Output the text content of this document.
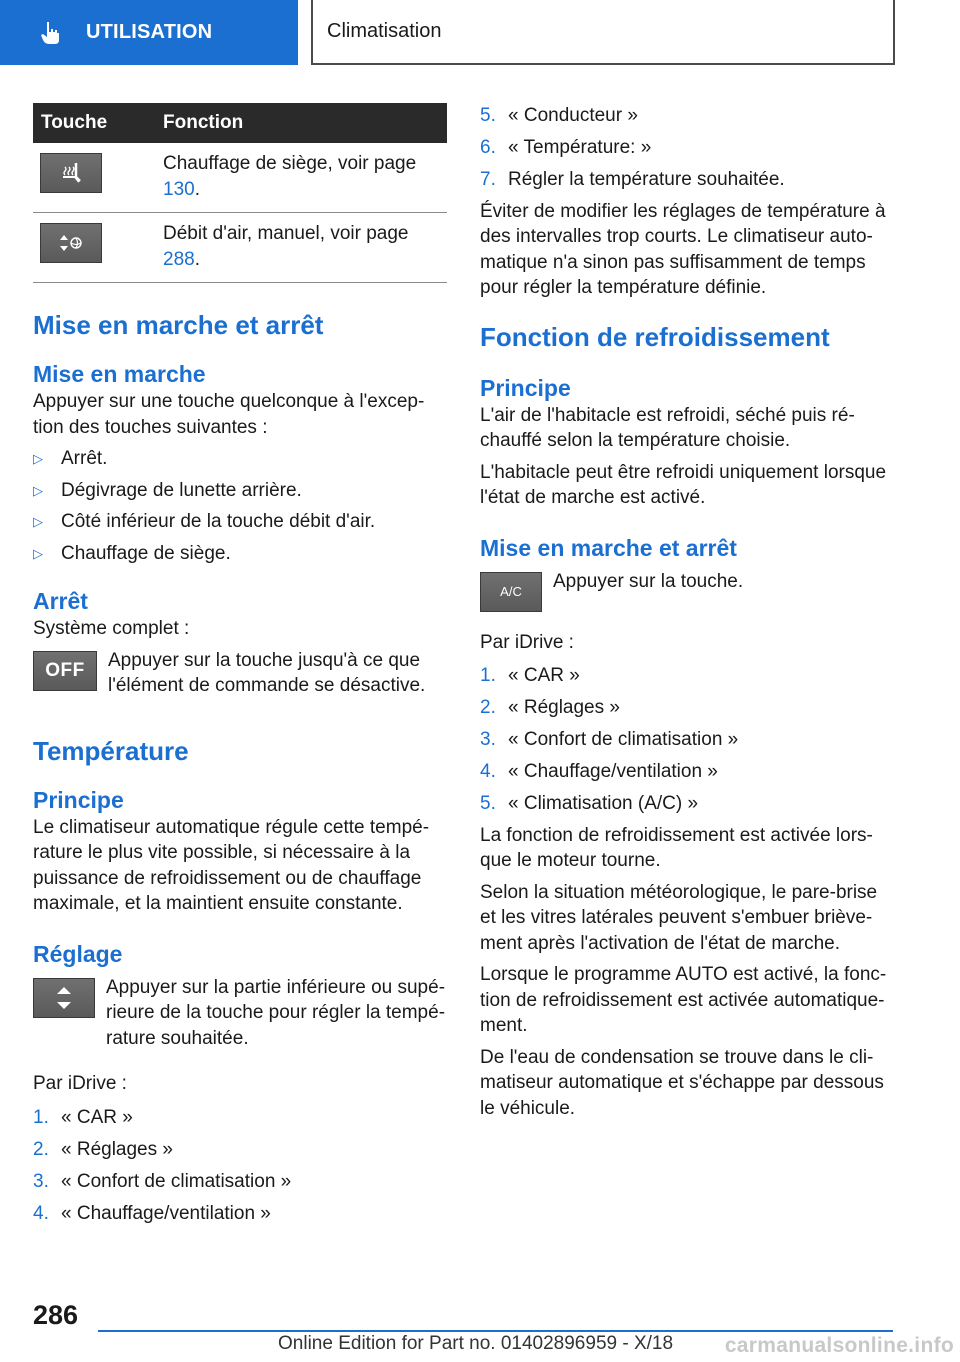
UTILISATION	Climatisation
Touche	Fonction

	Chauffage de siège, voir page 130.

	Débit d'air, manuel, voir page 288.
Mise en marche et arrêt
Mise en marche

Appuyer sur une touche quelconque à l'excep-tion des touches suivantes :

▷ Arrêt.
▷ Dégivrage de lunette arrière.
▷ Côté inférieur de la touche débit d'air.
▷ Chauffage de siège.
Arrêt

Système complet :

OFF	Appuyer sur la touche jusqu'à ce que l'élément de commande se désactive.

Température
Principe

Le climatiseur automatique régule cette tempé-rature le plus vite possible, si nécessaire à la puissance de refroidissement ou de chauffage maximale, et la maintient ensuite constante.

Réglage

Appuyer sur la partie inférieure ou supé-rieure de la touche pour régler la tempé-rature souhaitée.

Par iDrive :

1. « CAR »
2. « Réglages »
3. « Confort de climatisation »
4. « Chauffage/ventilation »
5. « Conducteur »
6. « Température: »
7. Régler la température souhaitée.

Éviter de modifier les réglages de température à des intervalles trop courts. Le climatiseur auto-matique n'a sinon pas suffisamment de temps pour régler la température définie.

Fonction de refroidissement
Principe

L'air de l'habitacle est refroidi, séché puis ré-chauffé selon la température choisie.

L'habitacle peut être refroidi uniquement lorsque l'état de marche est activé.

Mise en marche et arrêt
A/C	Appuyer sur la touche.

Par iDrive :

1. « CAR »
2. « Réglages »
3. « Confort de climatisation »
4. « Chauffage/ventilation »
5. « Climatisation (A/C) »

La fonction de refroidissement est activée lors-que le moteur tourne.

Selon la situation météorologique, le pare-brise et les vitres latérales peuvent s'embuer briève-ment après l'activation de l'état de marche.

Lorsque le programme AUTO est activé, la fonc-tion de refroidissement est activée automatique-ment.

De l'eau de condensation se trouve dans le cli-matiseur automatique et s'échappe par dessous le véhicule.

286
Online Edition for Part no. 01402896959 - X/18 carmanualsonline.info
